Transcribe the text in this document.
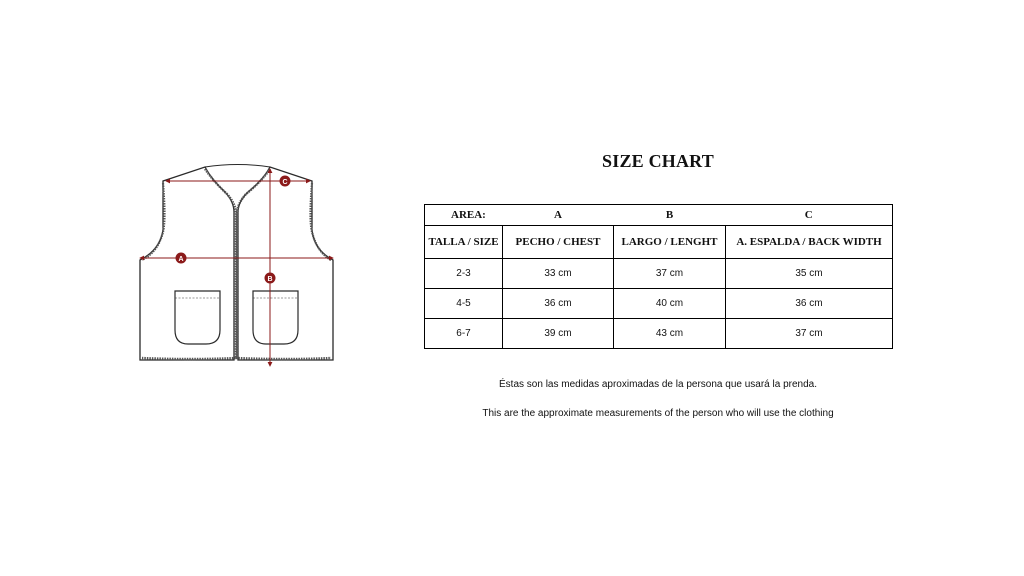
C
A
B
SIZE CHART
AREA:	A	B	C
TALLA / SIZE	PECHO / CHEST	LARGO / LENGHT	A. ESPALDA / BACK WIDTH
2-3	33 cm	37 cm	35 cm
4-5	36 cm	40 cm	36 cm
6-7	39 cm	43 cm	37 cm
Éstas son las medidas aproximadas de la persona que usará la prenda.
This are the approximate measurements of the person who will use the clothing
